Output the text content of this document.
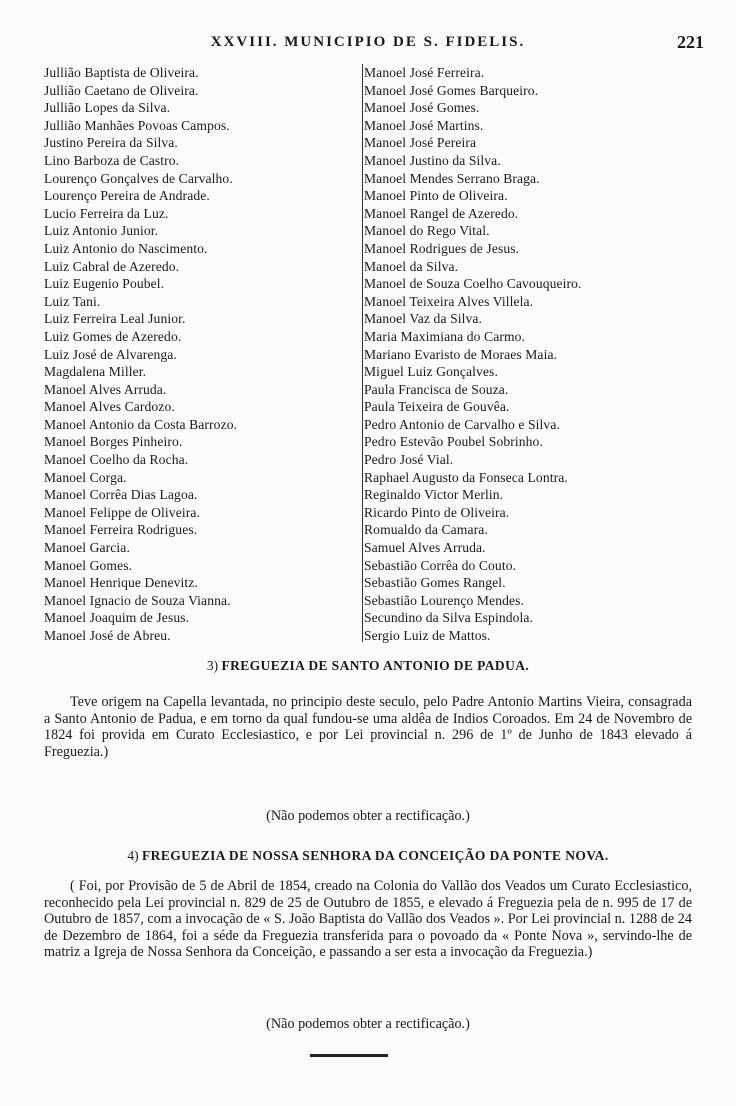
XXVIII. MUNICIPIO DE S. FIDELIS.	221
Jullião Baptista de Oliveira.
Jullião Caetano de Oliveira.
Jullião Lopes da Silva.
Jullião Manhães Povoas Campos.
Justino Pereira da Silva.
Lino Barboza de Castro.
Lourenço Gonçalves de Carvalho.
Lourenço Pereira de Andrade.
Lucio Ferreira da Luz.
Luiz Antonio Junior.
Luiz Antonio do Nascimento.
Luiz Cabral de Azeredo.
Luiz Eugenio Poubel.
Luiz Tani.
Luiz Ferreira Leal Junior.
Luiz Gomes de Azeredo.
Luiz José de Alvarenga.
Magdalena Miller.
Manoel Alves Arruda.
Manoel Alves Cardozo.
Manoel Antonio da Costa Barrozo.
Manoel Borges Pinheiro.
Manoel Coelho da Rocha.
Manoel Corga.
Manoel Corrêa Dias Lagoa.
Manoel Felippe de Oliveira.
Manoel Ferreira Rodrigues.
Manoel Garcia.
Manoel Gomes.
Manoel Henrique Denevitz.
Manoel Ignacio de Souza Vianna.
Manoel Joaquim de Jesus.
Manoel José de Abreu.
Manoel José Ferreira.
Manoel José Gomes Barqueiro.
Manoel José Gomes.
Manoel José Martins.
Manoel José Pereira
Manoel Justino da Silva.
Manoel Mendes Serrano Braga.
Manoel Pinto de Oliveira.
Manoel Rangel de Azeredo.
Manoel do Rego Vital.
Manoel Rodrigues de Jesus.
Manoel da Silva.
Manoel de Souza Coelho Cavouqueiro.
Manoel Teixeira Alves Villela.
Manoel Vaz da Silva.
Maria Maximiana do Carmo.
Mariano Evaristo de Moraes Maia.
Miguel Luiz Gonçalves.
Paula Francisca de Souza.
Paula Teixeira de Gouvêa.
Pedro Antonio de Carvalho e Silva.
Pedro Estevão Poubel Sobrinho.
Pedro José Vial.
Raphael Augusto da Fonseca Lontra.
Reginaldo Victor Merlin.
Ricardo Pinto de Oliveira.
Romualdo da Camara.
Samuel Alves Arruda.
Sebastião Corrêa do Couto.
Sebastião Gomes Rangel.
Sebastião Lourenço Mendes.
Secundino da Silva Espindola.
Sergio Luiz de Mattos.
3) FREGUEZIA DE SANTO ANTONIO DE PADUA.
Teve origem na Capella levantada, no principio deste seculo, pelo Padre Antonio Martins Vieira, consagrada a Santo Antonio de Padua, e em torno da qual fundou-se uma aldêa de Indios Coroados. Em 24 de Novembro de 1824 foi provida em Curato Ecclesiastico, e por Lei provincial n. 296 de 1º de Junho de 1843 elevado á Freguezia.)
(Não podemos obter a rectificação.)
4) FREGUEZIA DE NOSSA SENHORA DA CONCEIÇÃO DA PONTE NOVA.
( Foi, por Provisão de 5 de Abril de 1854, creado na Colonia do Vallão dos Veados um Curato Ecclesiastico, reconhecido pela Lei provincial n. 829 de 25 de Outubro de 1855, e elevado á Freguezia pela de n. 995 de 17 de Outubro de 1857, com a invocação de « S. João Baptista do Vallão dos Veados ». Por Lei provincial n. 1288 de 24 de Dezembro de 1864, foi a séde da Freguezia transferida para o povoado da « Ponte Nova », servindo-lhe de matriz a Igreja de Nossa Senhora da Conceição, e passando a ser esta a invocação da Freguezia.)
(Não podemos obter a rectificação.)
